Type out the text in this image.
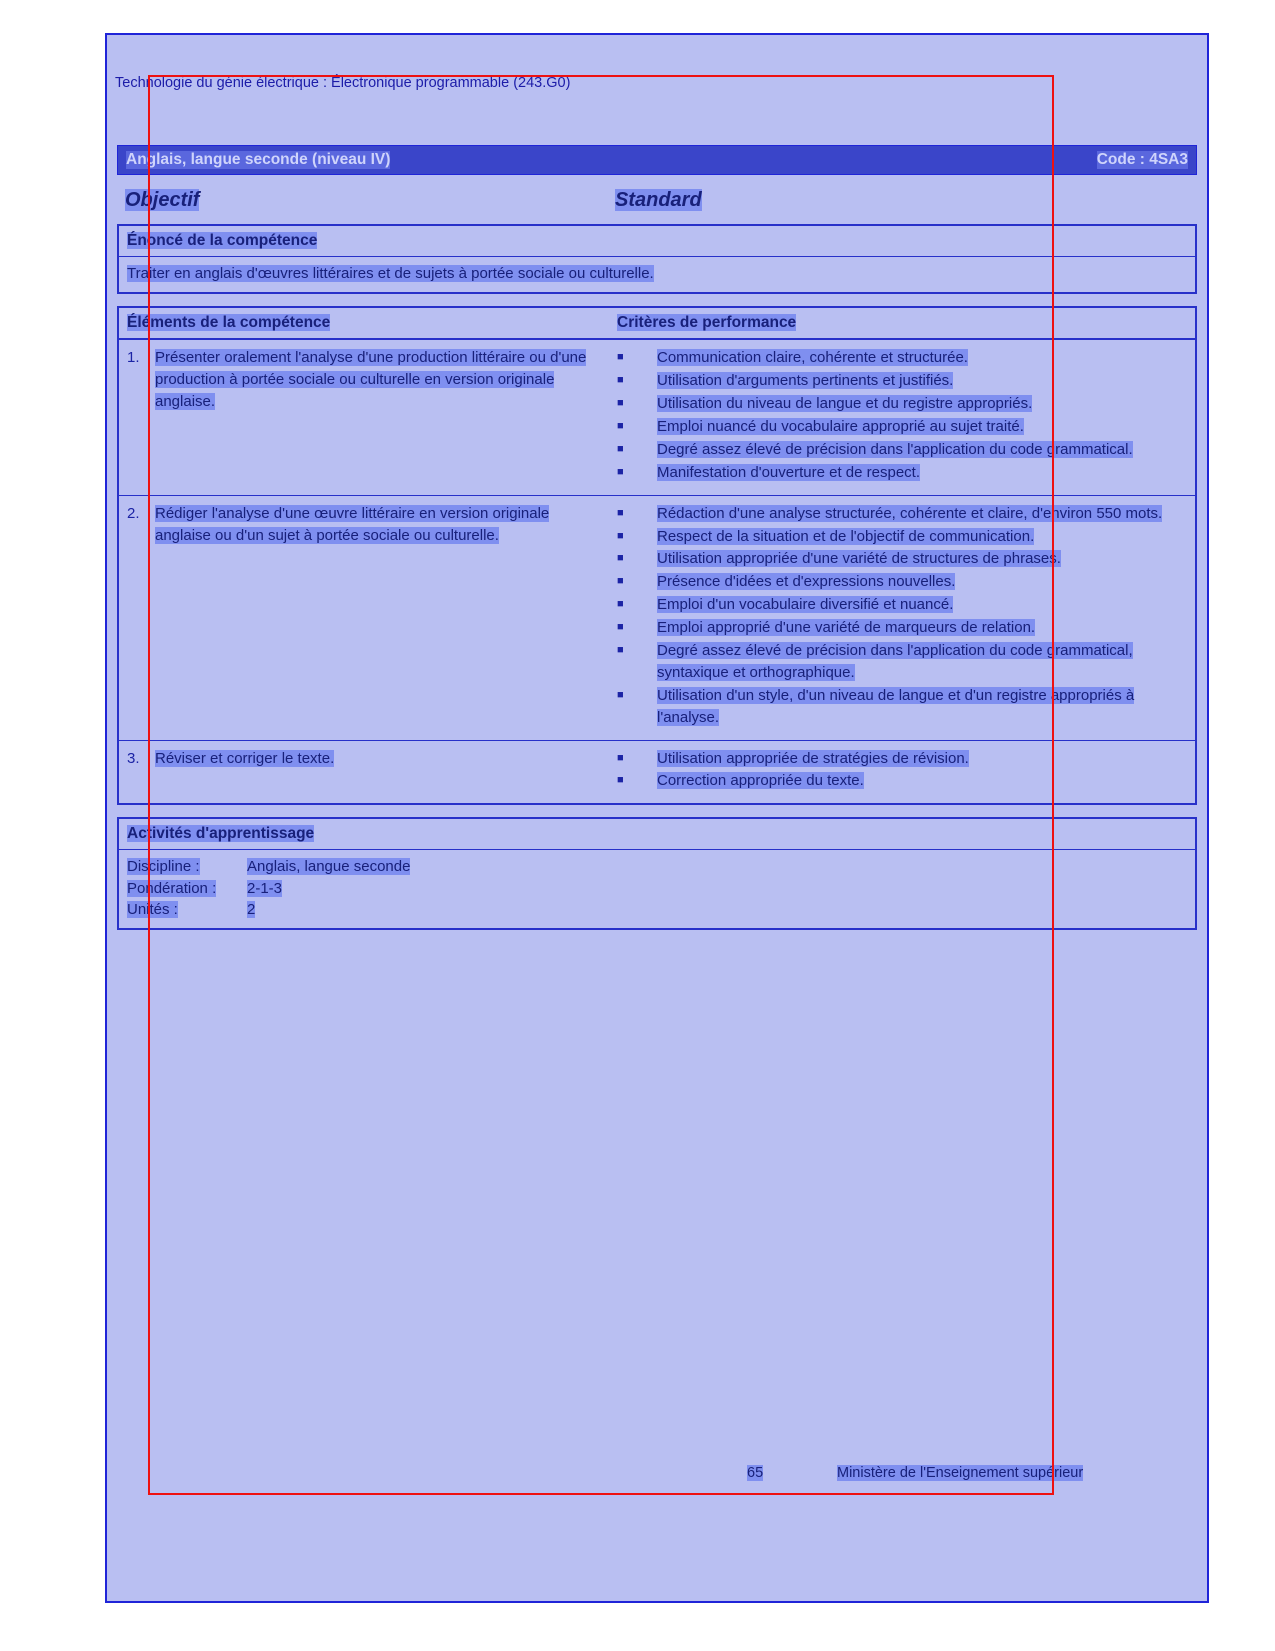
Technologie du génie électrique : Électronique programmable (243.G0)
Anglais, langue seconde (niveau IV)	Code : 4SA3
Objectif	Standard
Énoncé de la compétence
Traiter en anglais d'œuvres littéraires et de sujets à portée sociale ou culturelle.
Éléments de la compétence	Critères de performance
1.	Présenter oralement l'analyse d'une production littéraire ou d'une production à portée sociale ou culturelle en version originale anglaise.
■	Communication claire, cohérente et structurée.
■	Utilisation d'arguments pertinents et justifiés.
■	Utilisation du niveau de langue et du registre appropriés.
■	Emploi nuancé du vocabulaire approprié au sujet traité.
■	Degré assez élevé de précision dans l'application du code grammatical.
■	Manifestation d'ouverture et de respect.
2.	Rédiger l'analyse d'une œuvre littéraire en version originale anglaise ou d'un sujet à portée sociale ou culturelle.
■	Rédaction d'une analyse structurée, cohérente et claire, d'environ 550 mots.
■	Respect de la situation et de l'objectif de communication.
■	Utilisation appropriée d'une variété de structures de phrases.
■	Présence d'idées et d'expressions nouvelles.
■	Emploi d'un vocabulaire diversifié et nuancé.
■	Emploi approprié d'une variété de marqueurs de relation.
■	Degré assez élevé de précision dans l'application du code grammatical, syntaxique et orthographique.
■	Utilisation d'un style, d'un niveau de langue et d'un registre appropriés à l'analyse.
3.	Réviser et corriger le texte.	■	Utilisation appropriée de stratégies de révision.
■	Correction appropriée du texte.
Activités d'apprentissage
Discipline :	Anglais, langue seconde
Pondération :	2-1-3
Unités :	2
65	Ministère de l'Enseignement supérieur
